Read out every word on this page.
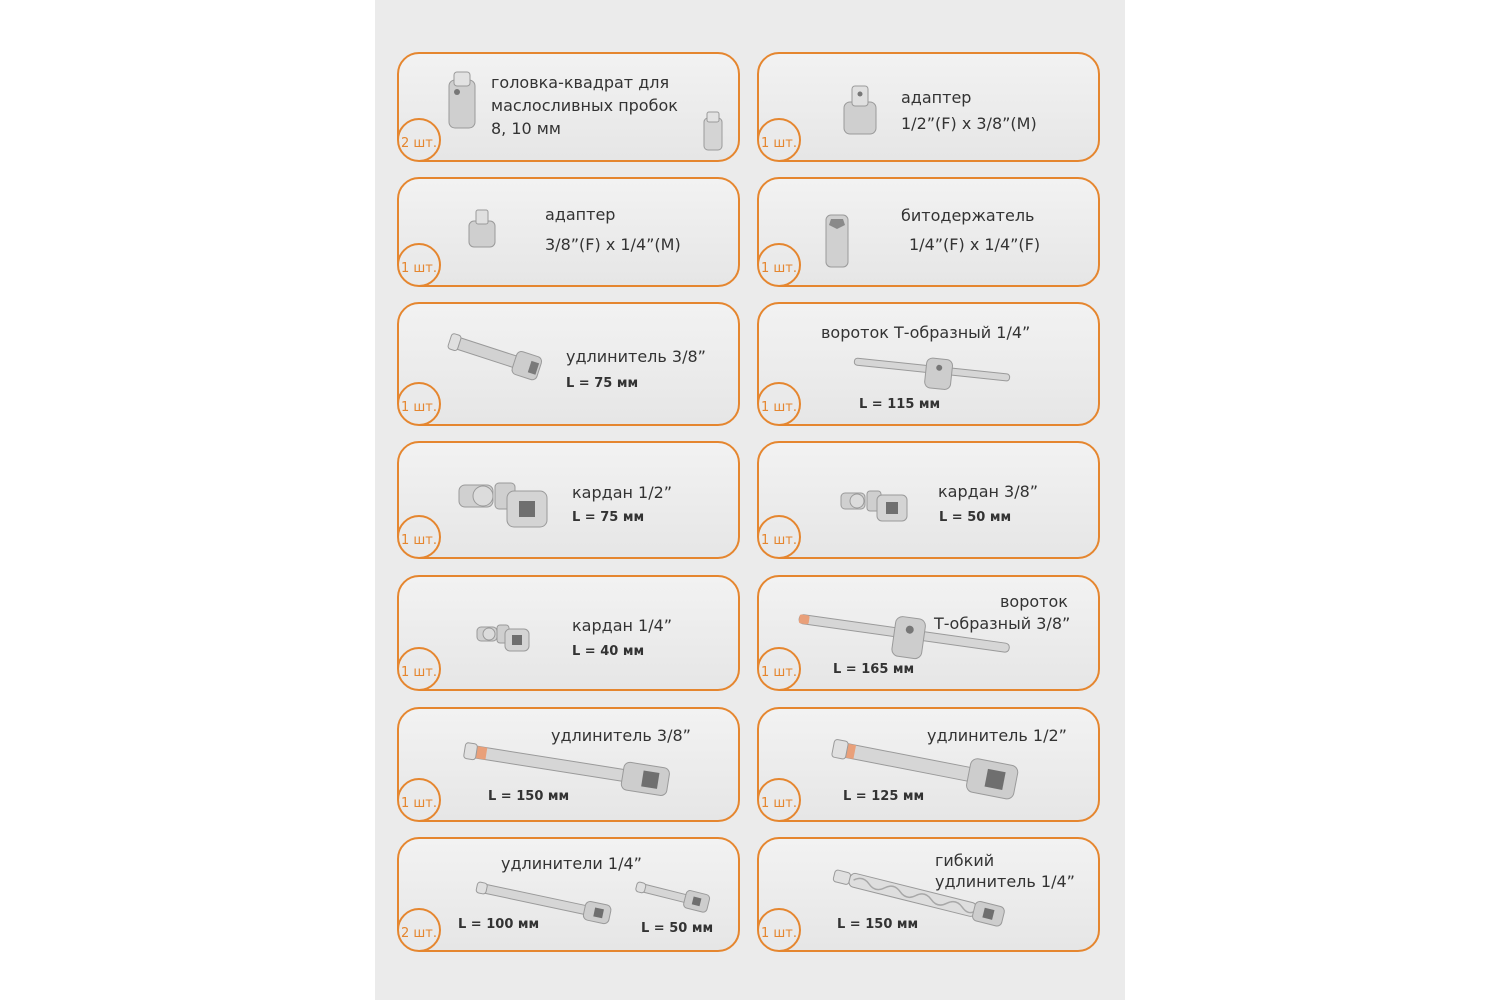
головка-квадрат для
маслосливных пробок
8, 10 мм
2 шт.
адаптер
1/2”(F) x 3/8”(M)
1 шт.
адаптер
3/8”(F) x 1/4”(M)
1 шт.
битодержатель
1/4”(F) x 1/4”(F)
1 шт.
удлинитель 3/8”
L = 75 мм
1 шт.
вороток Т-образный 1/4”
L = 115 мм
1 шт.
кардан 1/2”
L = 75 мм
1 шт.
кардан 3/8”
L = 50 мм
1 шт.
кардан 1/4”
L = 40 мм
1 шт.
вороток
Т-образный 3/8”
L = 165 мм
1 шт.
удлинитель 3/8”
L = 150 мм
1 шт.
удлинитель 1/2”
L = 125 мм
1 шт.
удлинители 1/4”
L = 100 мм	L = 50 мм
2 шт.
гибкий
удлинитель 1/4”
L = 150 мм
1 шт.
